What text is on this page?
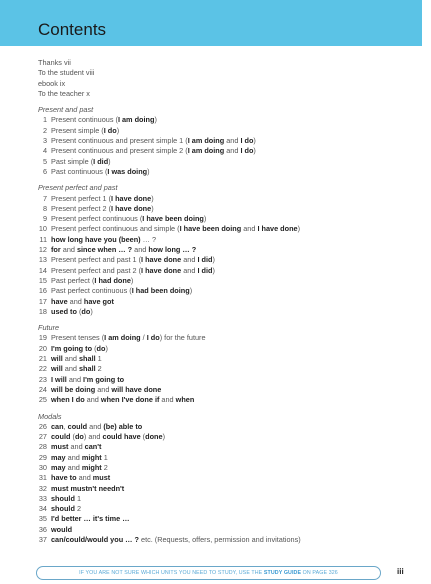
Contents
Thanks vii
To the student viii
ebook ix
To the teacher x
Present and past
1 Present continuous (I am doing)
2 Present simple (I do)
3 Present continuous and present simple 1 (I am doing and I do)
4 Present continuous and present simple 2 (I am doing and I do)
5 Past simple (I did)
6 Past continuous (I was doing)
Present perfect and past
7 Present perfect 1 (I have done)
8 Present perfect 2 (I have done)
9 Present perfect continuous (I have been doing)
10 Present perfect continuous and simple (I have been doing and I have done)
11 how long have you (been) … ?
12 for and since when … ? and how long … ?
13 Present perfect and past 1 (I have done and I did)
14 Present perfect and past 2 (I have done and I did)
15 Past perfect (I had done)
16 Past perfect continuous (I had been doing)
17 have and have got
18 used to (do)
Future
19 Present tenses (I am doing / I do) for the future
20 I'm going to (do)
21 will and shall 1
22 will and shall 2
23 I will and I'm going to
24 will be doing and will have done
25 when I do and when I've done if and when
Modals
26 can, could and (be) able to
27 could (do) and could have (done)
28 must and can't
29 may and might 1
30 may and might 2
31 have to and must
32 must mustn't needn't
33 should 1
34 should 2
35 I'd better … it's time …
36 would
37 can/could/would you … ? etc. (Requests, offers, permission and invitations)
IF YOU ARE NOT SURE WHICH UNITS YOU NEED TO STUDY, USE THE STUDY GUIDE ON PAGE 326	iii
